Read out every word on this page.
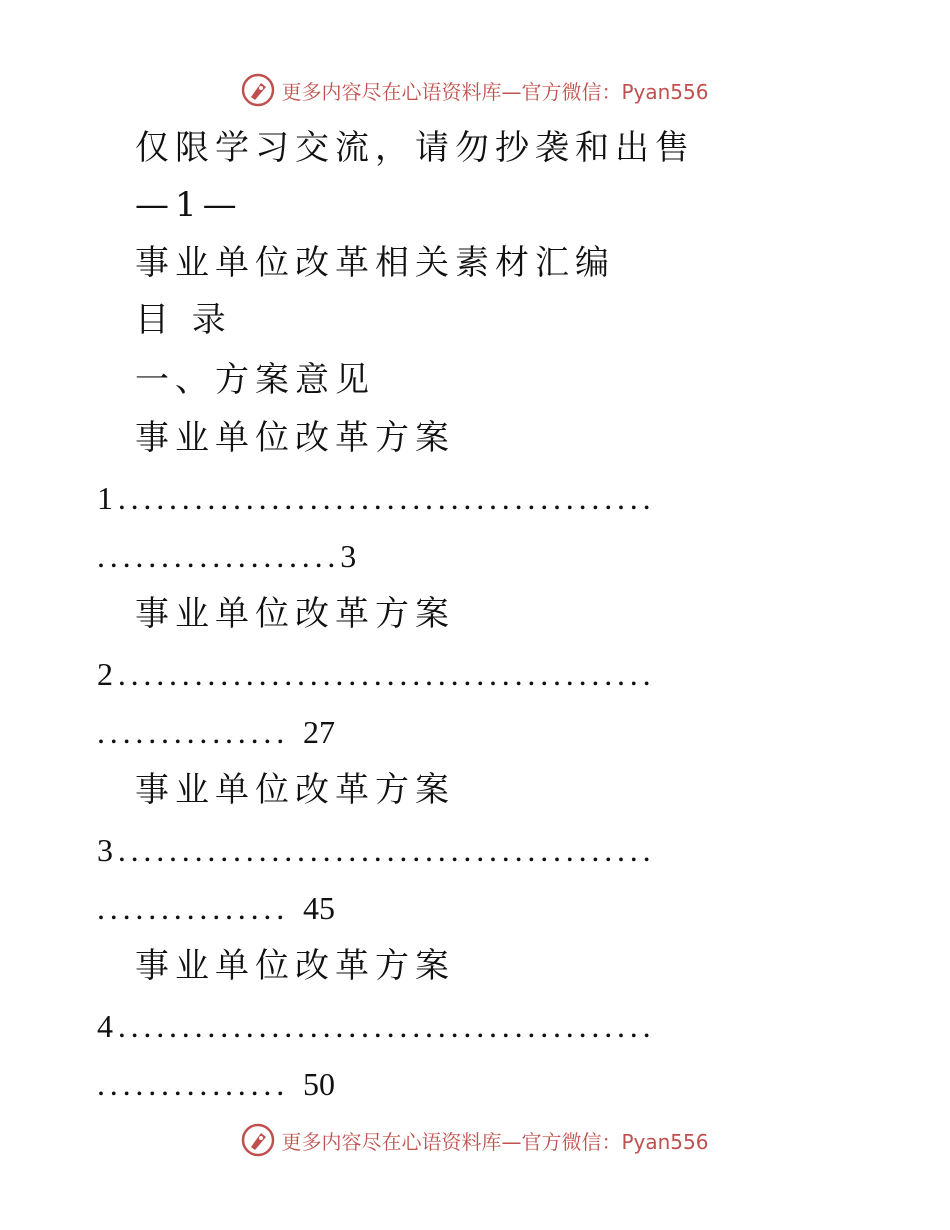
更多内容尽在心语资料库—官方微信：Pyan556
仅限学习交流，请勿抄袭和出售
—1—
事业单位改革相关素材汇编
目 录
一、方案意见
事业单位改革方案
1..........................................
...................3
事业单位改革方案
2..........................................
............... 27
事业单位改革方案
3..........................................
............... 45
事业单位改革方案
4..........................................
............... 50
更多内容尽在心语资料库—官方微信：Pyan556
